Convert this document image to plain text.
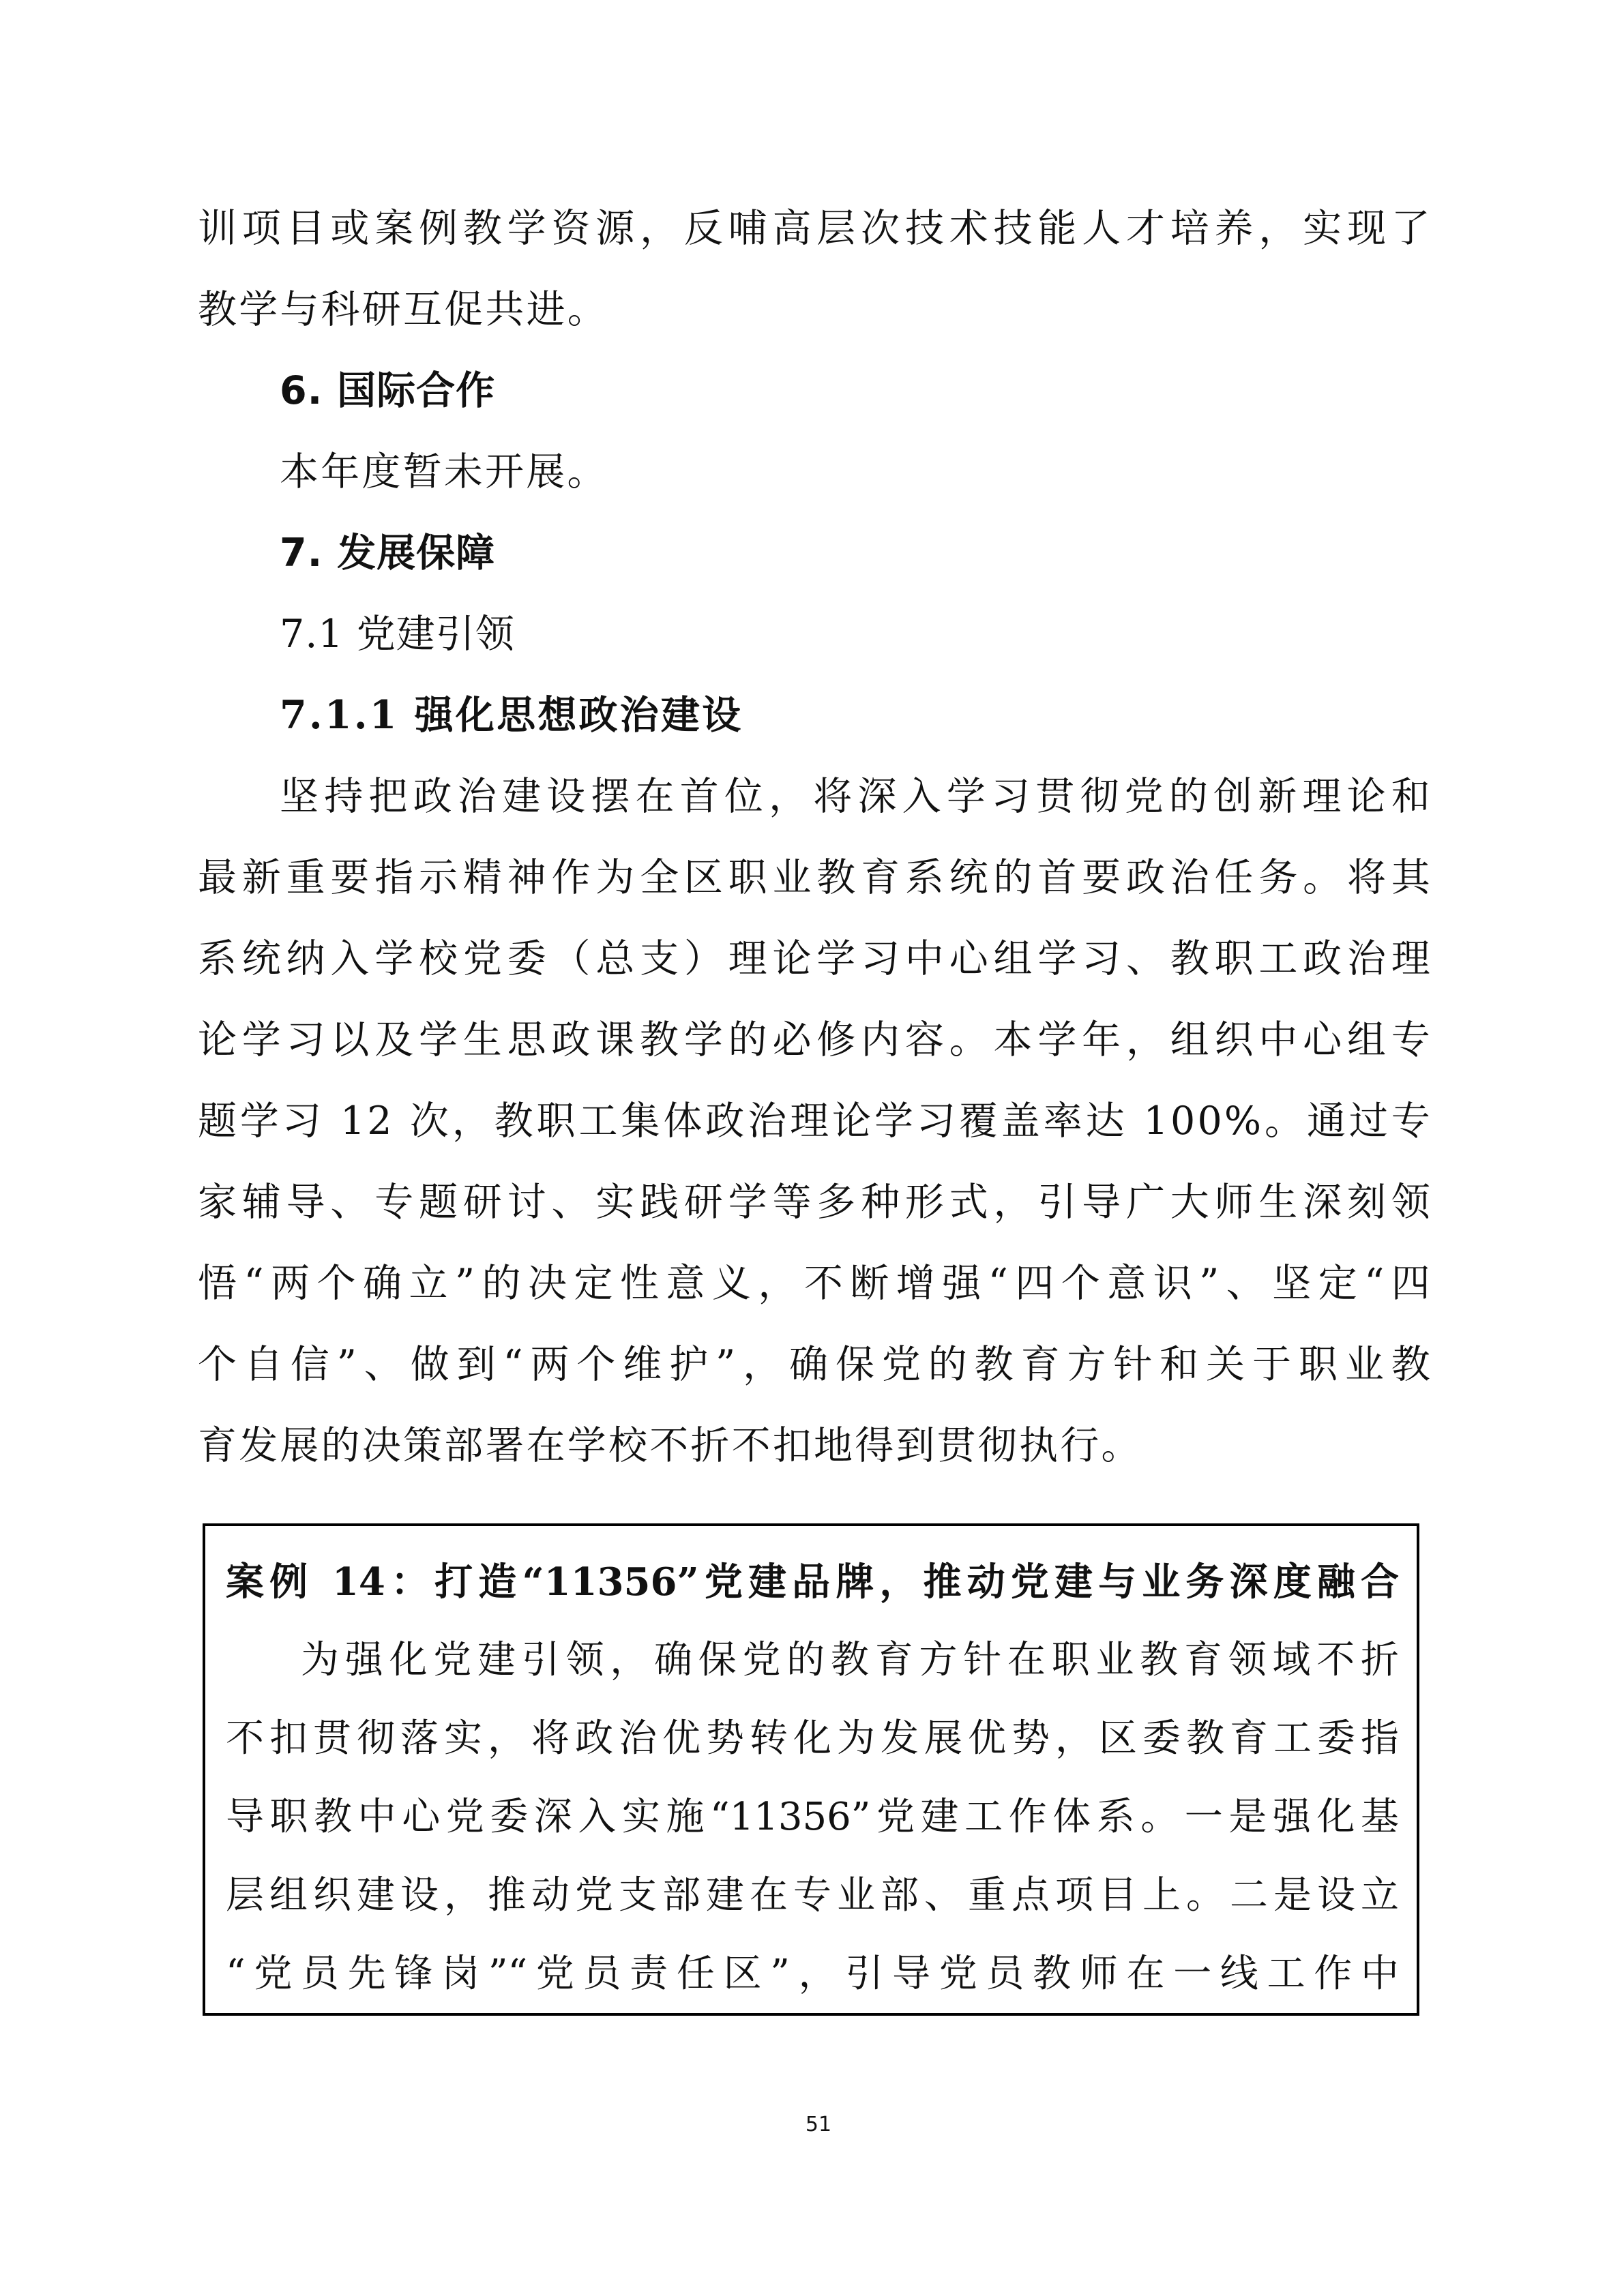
训项目或案例教学资源，反哺高层次技术技能人才培养，实现了
教学与科研互促共进。
6. 国际合作
本年度暂未开展。
7. 发展保障
7.1 党建引领
7.1.1 强化思想政治建设
坚持把政治建设摆在首位，将深入学习贯彻党的创新理论和
最新重要指示精神作为全区职业教育系统的首要政治任务。将其
系统纳入学校党委（总支）理论学习中心组学习、教职工政治理
论学习以及学生思政课教学的必修内容。本学年，组织中心组专
题学习 12 次，教职工集体政治理论学习覆盖率达 100%。通过专
家辅导、专题研讨、实践研学等多种形式，引导广大师生深刻领
悟“两个确立”的决定性意义，不断增强“四个意识”、坚定“四
个自信”、做到“两个维护”，确保党的教育方针和关于职业教
育发展的决策部署在学校不折不扣地得到贯彻执行。
案例 14：打造“11356”党建品牌，推动党建与业务深度融合
为强化党建引领，确保党的教育方针在职业教育领域不折
不扣贯彻落实，将政治优势转化为发展优势，区委教育工委指
导职教中心党委深入实施“11356”党建工作体系。一是强化基
层组织建设，推动党支部建在专业部、重点项目上。二是设立
“党员先锋岗”“党员责任区”，引导党员教师在一线工作中
51
